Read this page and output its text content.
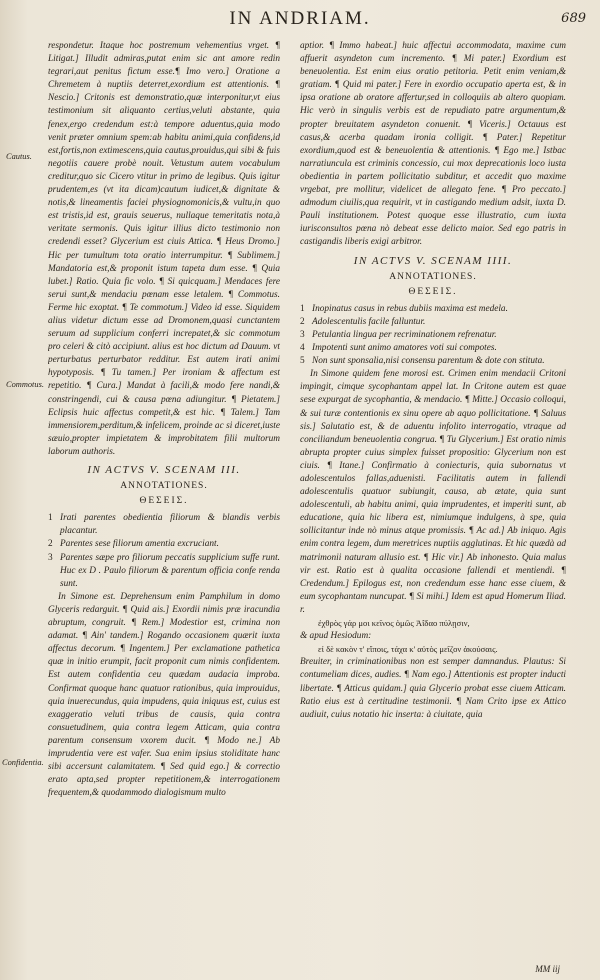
IN ANDRIAM.	689
Cautus.
Commotus.
Confidentia.

respondetur. Itaque hoc postremum vehementius vrget. ¶ Litigat.] Illudit admiras,putat enim sic ant amore redin tegrari,aut penitus fictum esse.¶ Imo vero.] Oratione a Chremetem à nuptiis deterret,exordium est attentionis. ¶ Nescio.] Critonis est demonstratio,quæ interponitur,vt eius testimonium sit aliquanto certius,veluti abstante, quia fenex,ergo credendum est:à tempore aduentus,quia modo venit præter omnium spem:ab habitu animi,quia confidens,id est,fortis,non extimescens,quia cautus,prouidus,qui sibi & fuis negotiis cauere probè nouit. Vetustum autem vocabulum creditur,quo sic Cicero vtitur in primo de legibus. Quis igitur prudentem,es (vt ita dicam)cautum iudicet,& dignitate & notis,& lineamentis faciei physiognomonicis,& vultu,in quo est tristis,id est, grauis seuerus, nullaque temeritatis nota,à veritate sermonis. Quis igitur illius dicto testimonio non credendi esset? Glycerium est ciuis Attica. ¶ Heus Dromo.] Hic per tumultum tota oratio interrumpitur. ¶ Sublimem.] Mandatoria est,& proponit istum tapeta dum esse. ¶ Quia lubet.] Ratio. Quia fic volo. ¶ Si quicquam.] Mendaces fere serui sunt,& mendaciu pœnam esse letalem. ¶ Commotus. Ferme hic exoptat. ¶ Te commotum.] Video id esse. Siquidem alius videtur dictum esse ad Dromonem,quasi cunctantem seruum ad supplicium conferri increpatet,& sic commotum pro celeri & citò accipiunt. alius est hoc dictum ad Dauum. vt perturbatus perturbator redditur. Est autem irati animi hypotyposis. ¶ Tu tamen.] Per ironiam & affectum est repetitio. ¶ Cura.] Mandat à facili,& modo fere nandi,& constringendi, cui & causa pœna adiungitur. ¶ Pietatem.] Eclipsis huic affectus competit,& est hic. ¶ Talem.] Tam immensiorem,perditum,& infelicem, proinde ac si diceret,iuste sæuio,propter impietatem & improbitatem filii multorum laborum authoris.

IN ACTVS V. SCENAM III.
ANNOTATIONES.
ΘΕΣΕΙΣ.
1 Irati parentes obedientia filiorum & blandis verbis placantur.
2 Parentes sese filiorum amentia excruciant.
3 Parentes sæpe pro filiorum peccatis supplicium suffe runt. Huc ex D . Paulo filiorum & parentum officia confe renda sunt.

In Simone est. Deprehensum enim Pamphilum in domo Glyceris redarguit. ¶ Quid ais.] Exordii nimis præ iracundia abruptum, congruit. ¶ Rem.] Modestior est, crimina non adamat. ¶ Ain' tandem.] Rogando occasionem quærit iuxta affectus decorum. ¶ Ingentem.] Per exclamatione pathetica quæ in initio erumpit, facit proponit cum nimis confidentem. Est autem confidentia ceu quædam audacia improba. Confirmat quoque hanc quatuor rationibus, quia improuidus, quia inuerecundus, quia impudens, quia iniquus est, cuius est exaggeratio veluti tribus de causis, quia contra consuetudinem, quia contra legem Atticam, quia contra parentum consensum vxorem ducit. ¶ Modo ne.] Ab imprudentia vere est vafer. Sua enim ipsius stoliditate hanc sibi accersunt calamitatem. ¶ Sed quid ego.] & correctio erato apta,sed propter repetitionem,& interrogationem frequentem,& quodammodo dialogismum multo

aptior. ¶ Immo habeat.] huic affectui accommodata, maxime cum affuerit asyndeton cum incremento. ¶ Mi pater.] Exordium est beneuolentia. Est enim eius oratio petitoria. Petit enim veniam,& gratiam. ¶ Quid mi pater.] Fere in exordio occupatio aperta est, & in ipsa oratione ab oratore affertur,sed in colloquiis ab altero quopiam. Hic verò in singulis verbis est de repudiato patre argumentum,& propter breuitatem asyndeton conuenit. ¶ Viceris.] Octauus est casus,& acerba quadam ironia colligit. ¶ Pater.] Repetitur exordium,quod est & beneuolentia & attentionis. ¶ Ego me.] Istbac narratiuncula est criminis concessio, cui mox deprecationis loco iusta obedientia in partem pollicitatio subditur, et accedit quo maxime vrgebat, pre mollitur, videlicet de allegato fene. ¶ Pro peccato.] admodum ciuilis,qua requirit, vt in castigando medium adsit, iuxta D. Pauli institutionem. Potest quoque esse illustratio, cum iuxta iurisconsultos pœna nò debeat esse delicto maior. Sed ego patris in castigandis liberis exigi arbitror.

IN ACTVS V. SCENAM IIII.
ANNOTATIONES.
ΘΕΣΕΙΣ.
1 Inopinatus casus in rebus dubiis maxima est medela.
2 Adolescentulis facile falluntur.
3 Petulantia lingua per recriminationem refrenatur.
4 Impotenti sunt animo amatores voti sui compotes.
5 Non sunt sponsalia,nisi consensu parentum & dote con stituta.

In Simone quidem fene morosi est. Crimen enim mendacii Critoni impingit, cimque sycophantam appel lat. In Critone autem est quae sese expurgat de sycophantia, & mendacio. ¶ Mitte.] Occasio colloqui, & sui turæ contentionis ex sinu opere ab aquo pollicitatione. ¶ Saluus sis.] Salutatio est, & de aduentu infolito interrogatio, vtraque ad conciliandum beneuolentia congrua. ¶ Tu Glycerium.] Est oratio nimis abrupta propter cuius simplex fuisset propositio: Glycerium non est ciuis. ¶ Itane.] Confirmatio à coniecturis, quia subornatus vt adolescentulos fallas,aduenisti. Facilitatis autem in fallendi adolescentulis quatuor subiungit, causa, ab ætate, quia sunt adolescentuli, ab habitu animi, quia imprudentes, et imperiti sunt, ab educatione, quia hic libera est, nimiumque indulgens, à spe, quia sollicitantur inde nò minus atque promissis. ¶ Ac ad.] Ab iniquo. Agis enim contra legem, dum meretrices nuptiis agglutinas. Et hic quædà ad matrimonii naturam allusio est. ¶ Hic vir.] Ab inhonesto. Quia malus vir est. Ratio est à qualita occasione fallendi et mentiendi. ¶ Credendum.] Epilogus est, non credendum esse hanc esse ciuem, & eum sycophantam nuncupat. ¶ Si mihi.] Idem est apud Homerum Iliad. r.

ἐχθρὸς γάρ μοι κεῖνος ὁμῶς Ἀΐδαο πύλῃσιν,

& apud Hesiodum:

εἰ δὲ κακὸν τ' εἴποις, τάχα κ' αὐτὸς μεῖζον ἀκούσαις.

Breuiter, in criminationibus non est semper damnandus. Plautus: Si contumeliam dices, audies. ¶ Nam ego.] Attentionis est propter inducti libertate. ¶ Atticus quidam.] quia Glycerio probat esse ciuem Atticam. Ratio eius est à certitudine testimonii. ¶ Nam Crito ipse ex Attico audiuit, cuius notatio hic inserta: à ciuitate, quia

MM iij
